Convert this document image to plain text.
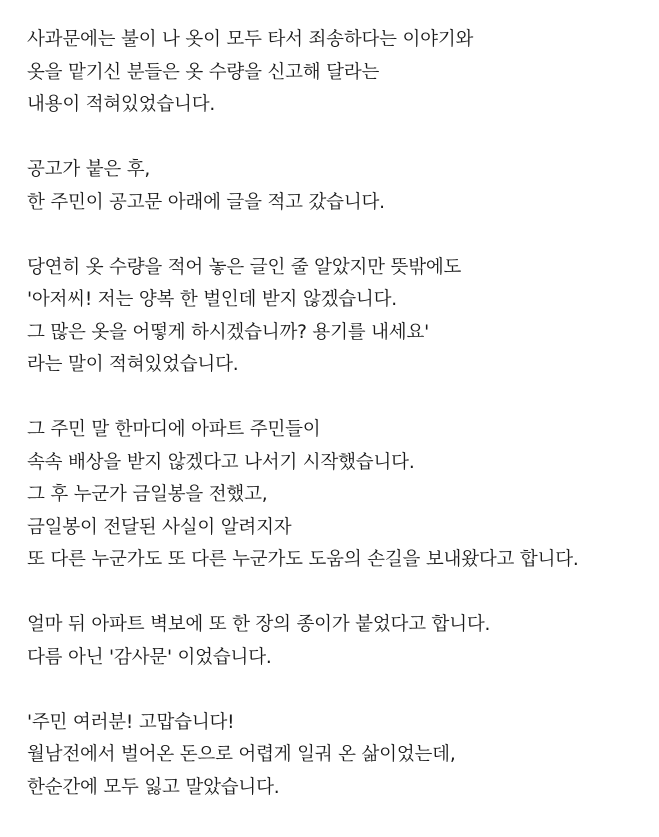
사과문에는 불이 나 옷이 모두 타서 죄송하다는 이야기와
옷을 맡기신 분들은 옷 수량을 신고해 달라는
내용이 적혀있었습니다.
공고가 붙은 후,
한 주민이 공고문 아래에 글을 적고 갔습니다.
당연히 옷 수량을 적어 놓은 글인 줄 알았지만 뜻밖에도
'아저씨! 저는 양복 한 벌인데 받지 않겠습니다.
그 많은 옷을 어떻게 하시겠습니까? 용기를 내세요'
라는 말이 적혀있었습니다.
그 주민 말 한마디에 아파트 주민들이
속속 배상을 받지 않겠다고 나서기 시작했습니다.
그 후 누군가 금일봉을 전했고,
금일봉이 전달된 사실이 알려지자
또 다른 누군가도 또 다른 누군가도 도움의 손길을 보내왔다고 합니다.
얼마 뒤 아파트 벽보에 또 한 장의 종이가 붙었다고 합니다.
다름 아닌 '감사문' 이었습니다.
'주민 여러분! 고맙습니다!
월남전에서 벌어온 돈으로 어렵게 일궈 온 삶이었는데,
한순간에 모두 잃고 말았습니다.
